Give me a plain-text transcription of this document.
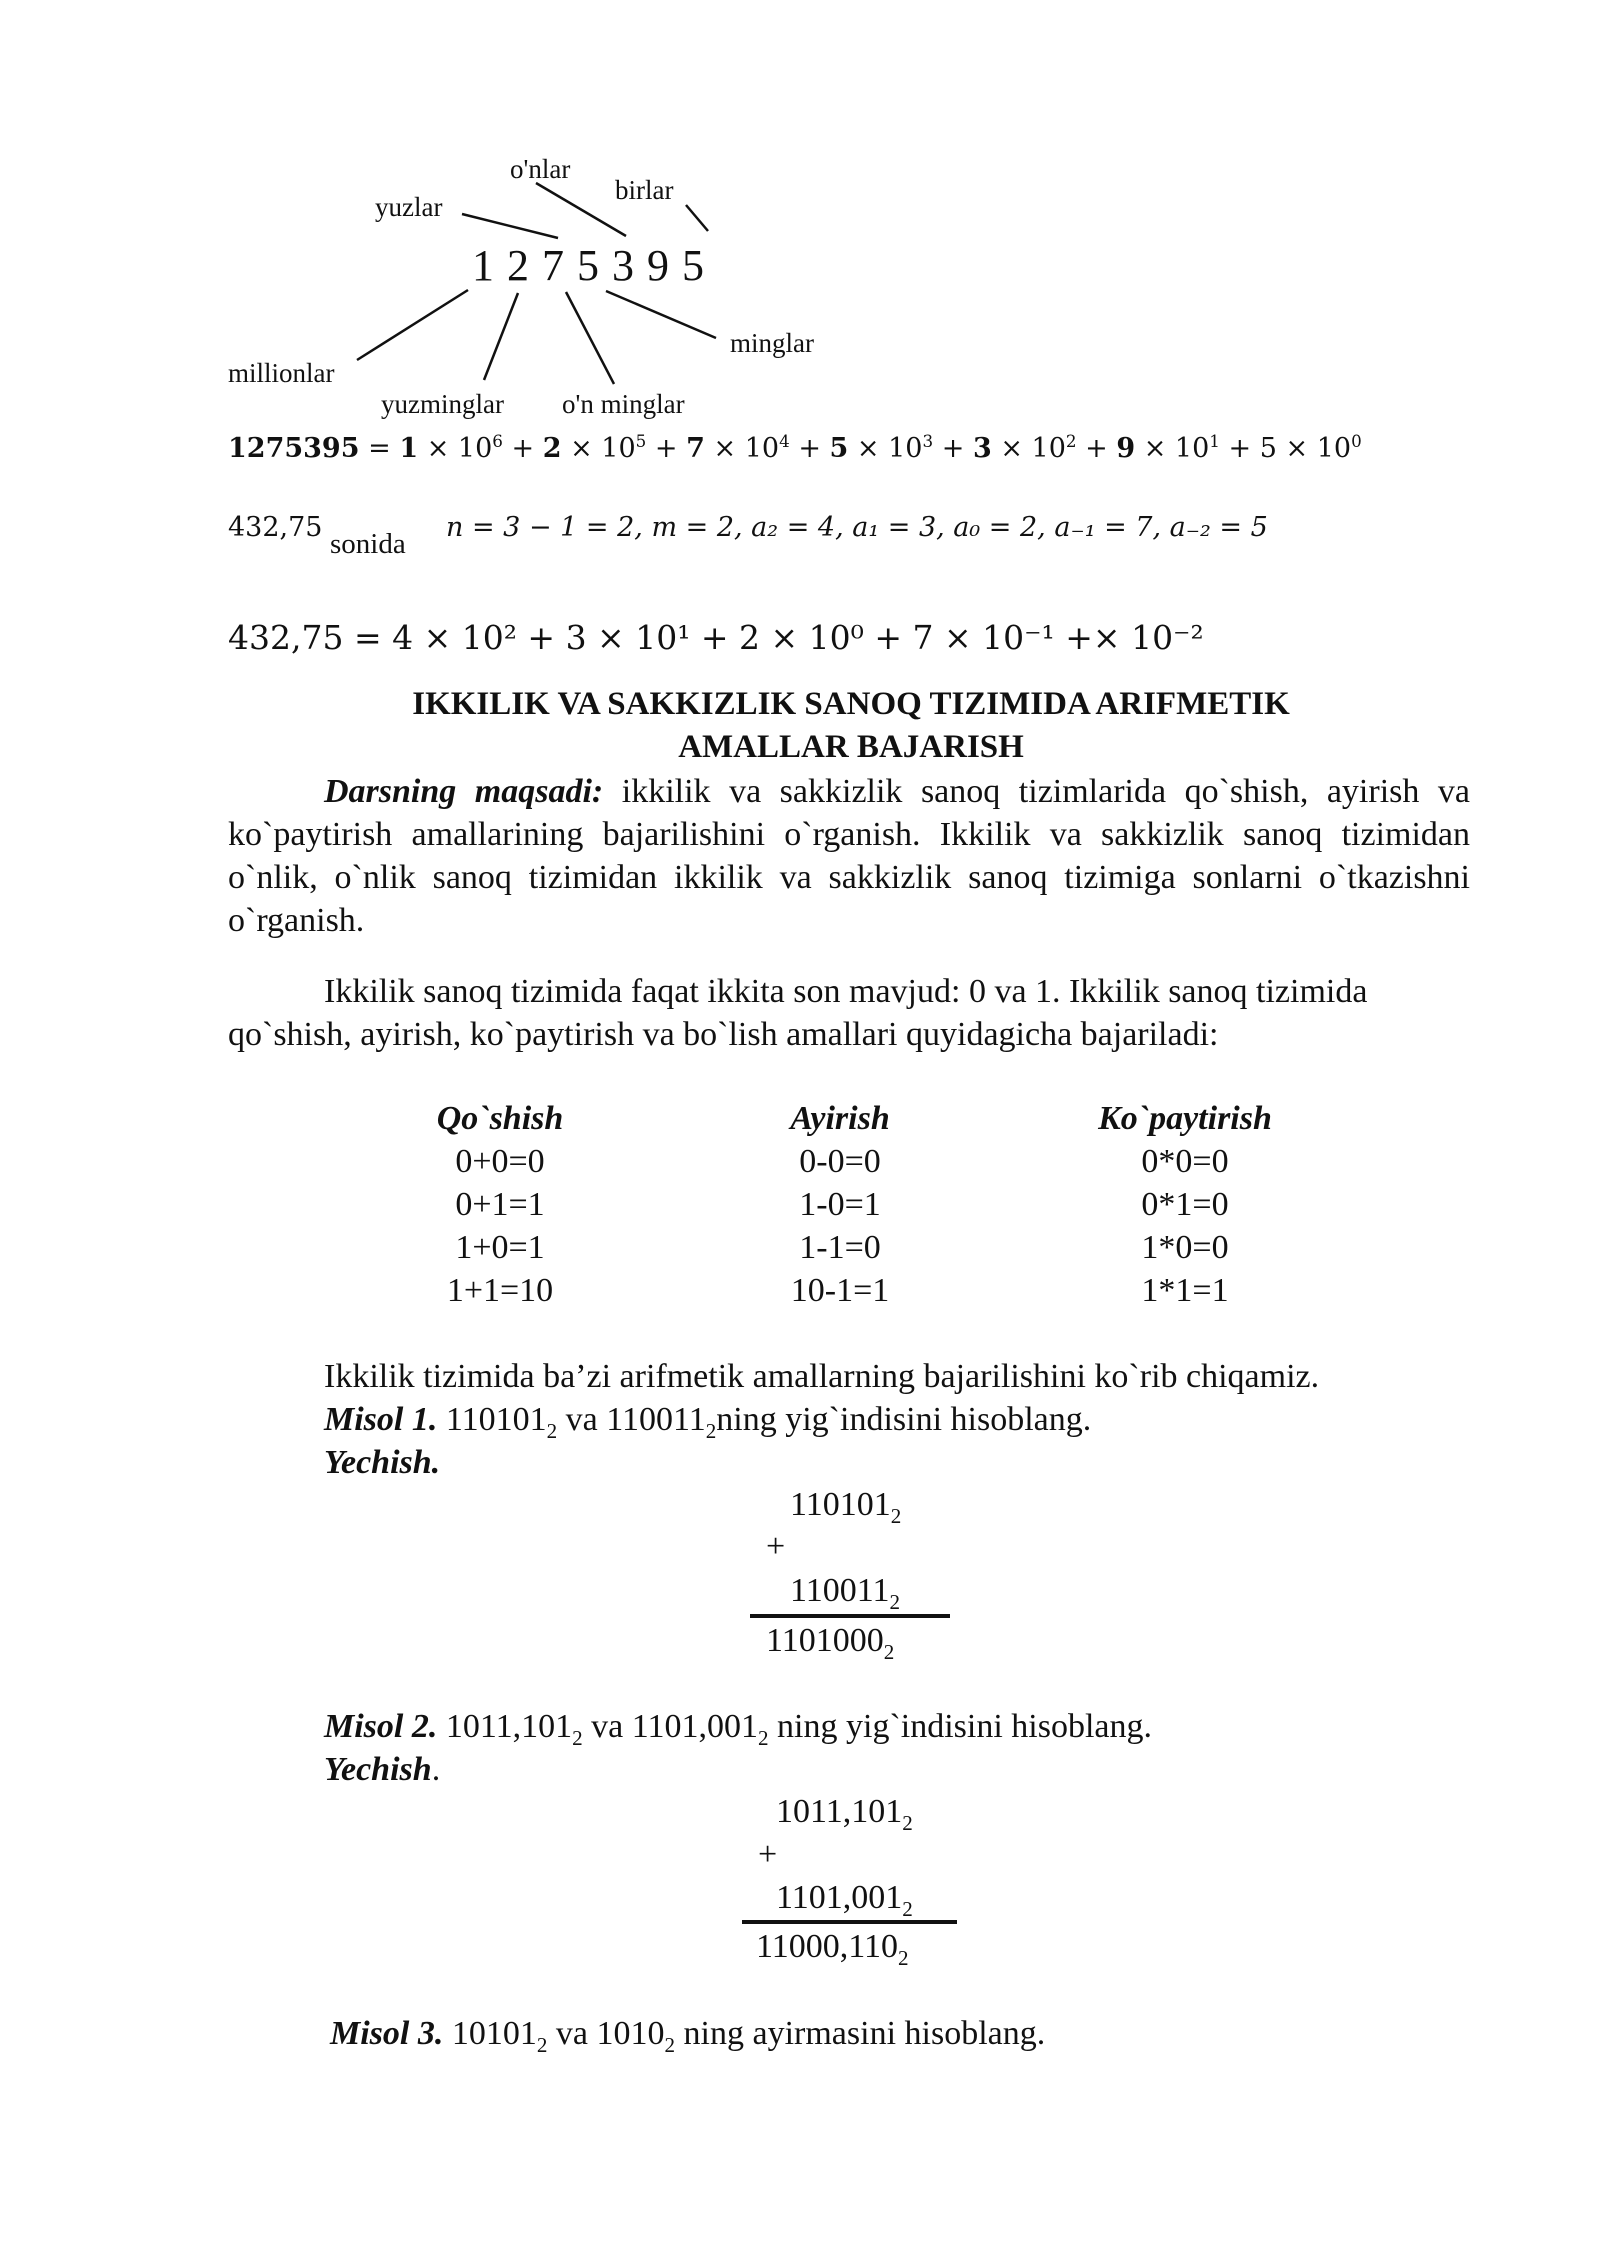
o'nlar
birlar
yuzlar
1 2 7 5 3 9 5
minglar
millionlar
yuzminglar o'n minglar
$1275395 = 1 \times 10^6 + 2 \times 10^5 + 7 \times 10^4 + 5 \times 10^3 + 3 \times 10^2 + 9 \times 10^1 + 5 \times 10^0$
432,75
sonida
n = 3 − 1 = 2, m = 2, a₂ = 4, a₁ = 3, a₀ = 2, a₋₁ = 7, a₋₂ = 5
432,75 = 4 × 10² + 3 × 10¹ + 2 × 10⁰ + 7 × 10⁻¹ +× 10⁻²
IKKILIK VA SAKKIZLIK SANOQ TIZIMIDA ARIFMETIK
AMALLAR BAJARISH
Darsning maqsadi: ikkilik va sakkizlik sanoq tizimlarida qo`shish, ayirish va ko`paytirish amallarining bajarilishini o`rganish. Ikkilik va sakkizlik sanoq tizimidan o`nlik, o`nlik sanoq tizimidan ikkilik va sakkizlik sanoq tizimiga sonlarni o`tkazishni o`rganish.
Ikkilik sanoq tizimida faqat ikkita son mavjud: 0 va 1. Ikkilik sanoq tizimida qo`shish, ayirish, ko`paytirish va bo`lish amallari quyidagicha bajariladi:
Qo`shish
0+0=0
0+1=1
1+0=1
1+1=10
Ayirish
0-0=0
1-0=1
1-1=0
10-1=1
Ko`paytirish
0*0=0
0*1=0
1*0=0
1*1=1
Ikkilik tizimida ba’zi arifmetik amallarning bajarilishini ko`rib chiqamiz.
Misol 1. $110101_2$ va $110011_2ning$ yig`indisini hisoblang.
Yechish.
$110101_2$
+
$110011_2$
$1101000_2$
Misol 2. $1011,101_2$ va $1101,001_2$ ning yig`indisini hisoblang.
Yechish.
$1011,101_2$
+
$1101,001_2$
$11000,110_2$
Misol 3. $10101_2$ va $1010_2$ ning ayirmasini hisoblang.
